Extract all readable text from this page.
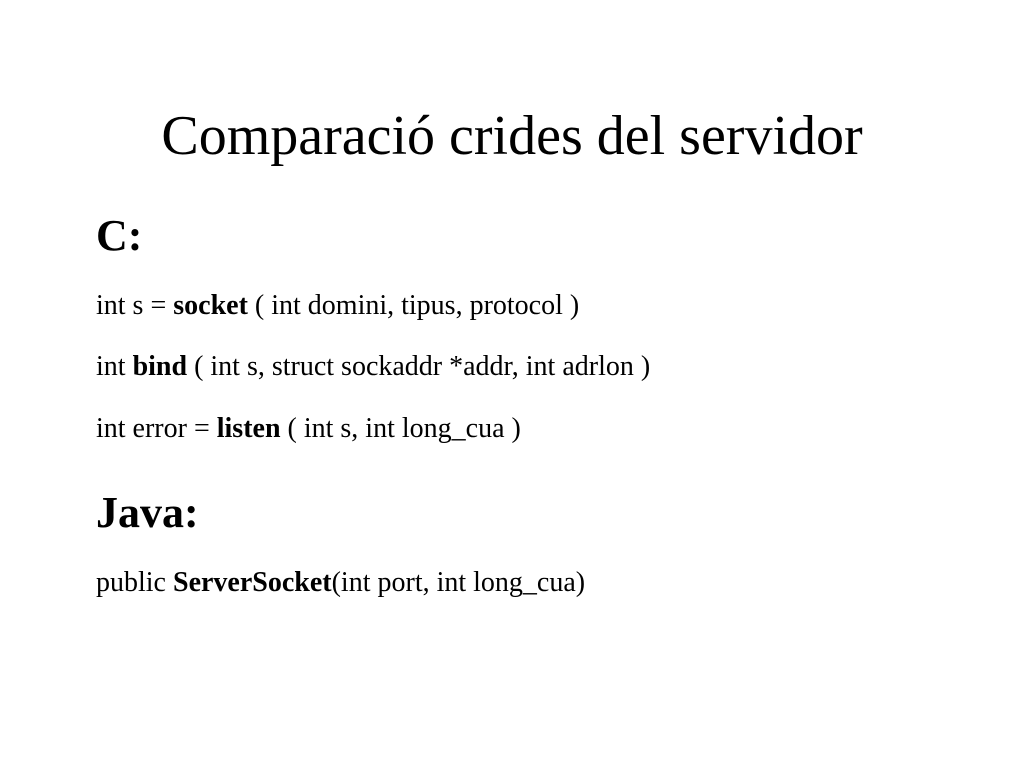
Comparació crides del servidor
C:

int s = socket ( int domini, tipus, protocol )

int bind ( int s, struct sockaddr *addr, int adrlon )

int error = listen ( int s, int long_cua )

Java:

public ServerSocket(int port, int long_cua)
